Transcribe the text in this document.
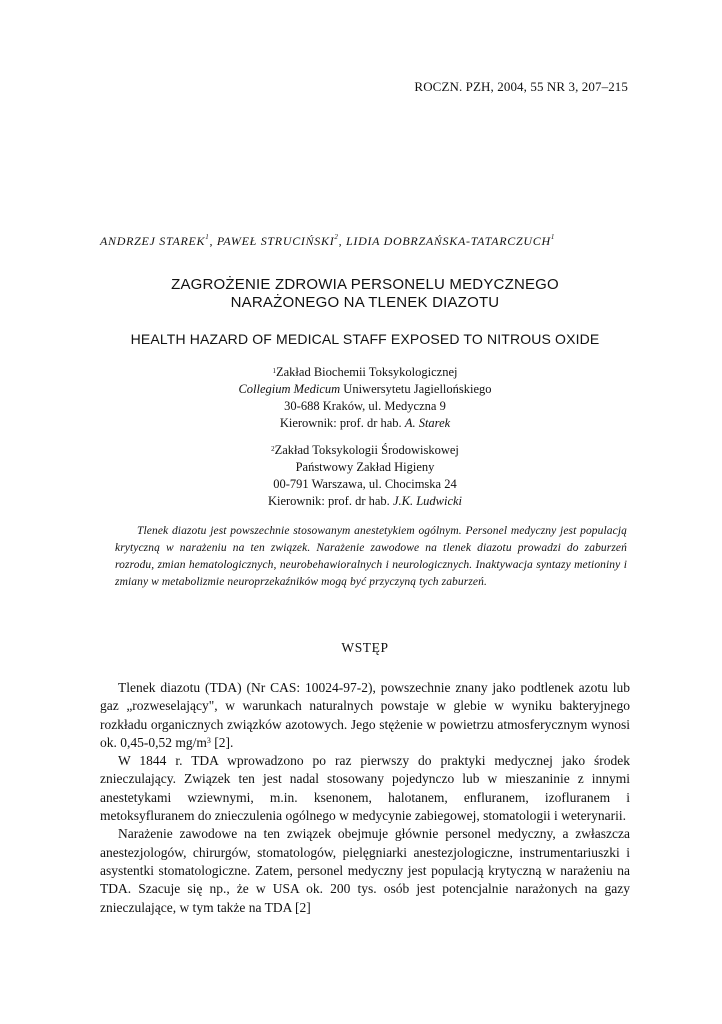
ROCZN. PZH, 2004, 55 NR 3, 207–215
ANDRZEJ STAREK$^1$, PAWEŁ STRUCIŃSKI$^2$, LIDIA DOBRZAŃSKA-TATARCZUCH$^1$
ZAGROŻENIE ZDROWIA PERSONELU MEDYCZNEGO
NARAŻONEGO NA TLENEK DIAZOTU
HEALTH HAZARD OF MEDICAL STAFF EXPOSED TO NITROUS OXIDE
$^1$Zakład Biochemii Toksykologicznej
Collegium Medicum Uniwersytetu Jagiellońskiego
30-688 Kraków, ul. Medyczna 9
Kierownik: prof. dr hab. A. Starek
$^2$Zakład Toksykologii Środowiskowej
Państwowy Zakład Higieny
00-791 Warszawa, ul. Chocimska 24
Kierownik: prof. dr hab. J.K. Ludwicki
Tlenek diazotu jest powszechnie stosowanym anestetykiem ogólnym. Personel medyczny jest populacją krytyczną w narażeniu na ten związek. Narażenie zawodowe na tlenek diazotu prowadzi do zaburzeń rozrodu, zmian hematologicznych, neurobehawioralnych i neurologicznych. Inaktywacja syntazy metioniny i zmiany w metabolizmie neuroprzekaźników mogą być przyczyną tych zaburzeń.
WSTĘP

Tlenek diazotu (TDA) (Nr CAS: 10024-97-2), powszechnie znany jako podtlenek azotu lub gaz „rozweselający", w warunkach naturalnych powstaje w glebie w wyniku bakteryjnego rozkładu organicznych związków azotowych. Jego stężenie w powietrzu atmosferycznym wynosi ok. 0,45-0,52 $mg/m^3$ [2].

W 1844 r. TDA wprowadzono po raz pierwszy do praktyki medycznej jako środek znieczulający. Związek ten jest nadal stosowany pojedynczo lub w mieszaninie z innymi anestetykami wziewnymi, m.in. ksenonem, halotanem, enfluranem, izofluranem i metoksyfluranem do znieczulenia ogólnego w medycynie zabiegowej, stomatologii i weterynarii.

Narażenie zawodowe na ten związek obejmuje głównie personel medyczny, a zwłaszcza anestezjologów, chirurgów, stomatologów, pielęgniarki anestezjologiczne, instrumentariuszki i asystentki stomatologiczne. Zatem, personel medyczny jest populacją krytyczną w narażeniu na TDA. Szacuje się np., że w USA ok. 200 tys. osób jest potencjalnie narażonych na gazy znieczulające, w tym także na TDA [2]
